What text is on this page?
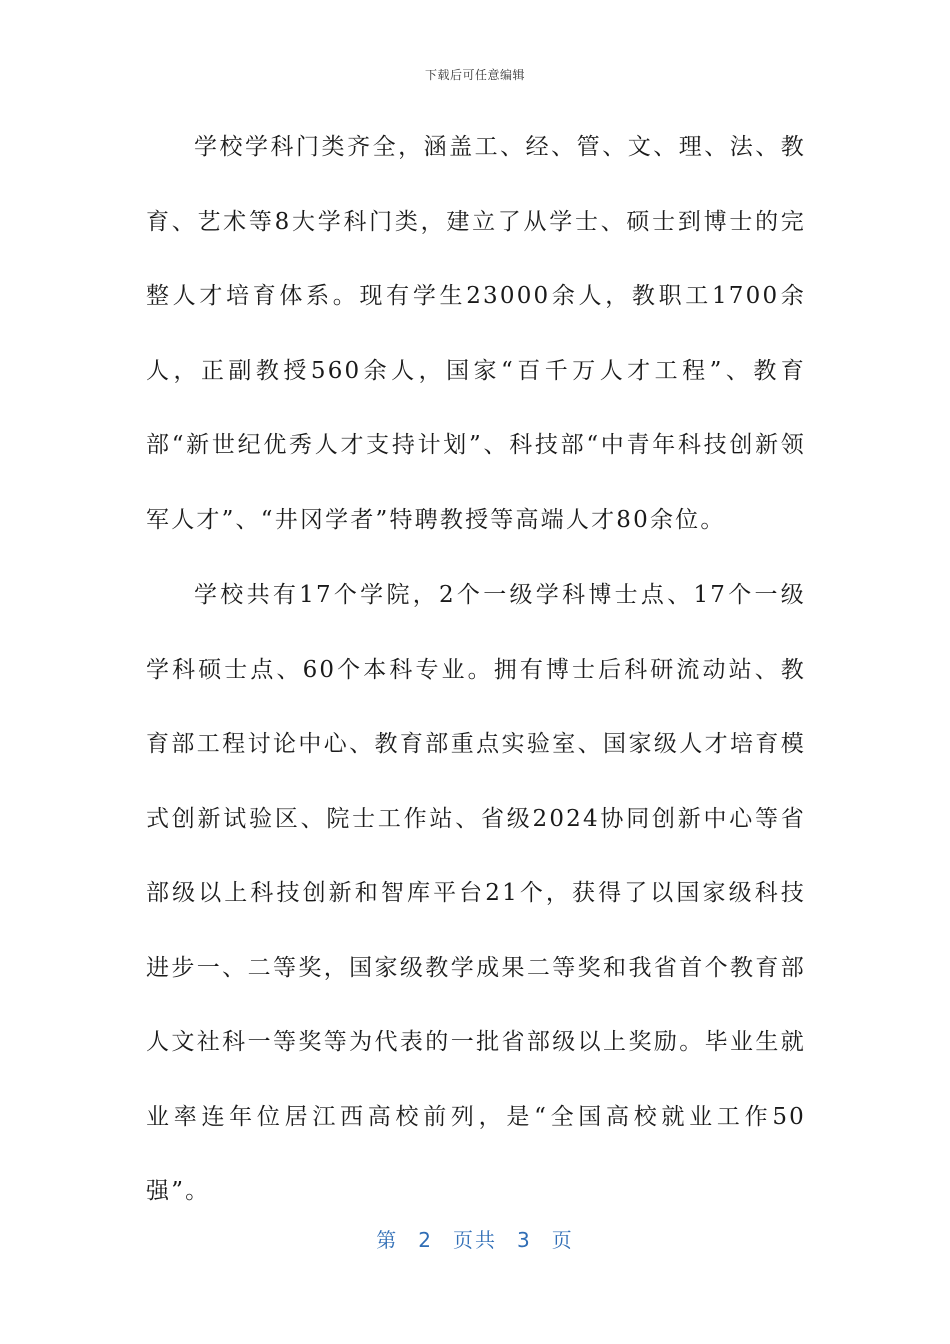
下载后可任意编辑

学校学科门类齐全，涵盖工、经、管、文、理、法、教育、艺术等8大学科门类，建立了从学士、硕士到博士的完整人才培育体系。现有学生23000余人，教职工1700余人，正副教授560余人，国家“百千万人才工程”、教育部“新世纪优秀人才支持计划”、科技部“中青年科技创新领军人才”、“井冈学者”特聘教授等高端人才80余位。

学校共有17个学院，2个一级学科博士点、17个一级学科硕士点、60个本科专业。拥有博士后科研流动站、教育部工程讨论中心、教育部重点实验室、国家级人才培育模式创新试验区、院士工作站、省级2024协同创新中心等省部级以上科技创新和智库平台21个，获得了以国家级科技进步一、二等奖，国家级教学成果二等奖和我省首个教育部人文社科一等奖等为代表的一批省部级以上奖励。毕业生就业率连年位居江西高校前列，是“全国高校就业工作50强”。

第 2 页共 3 页
